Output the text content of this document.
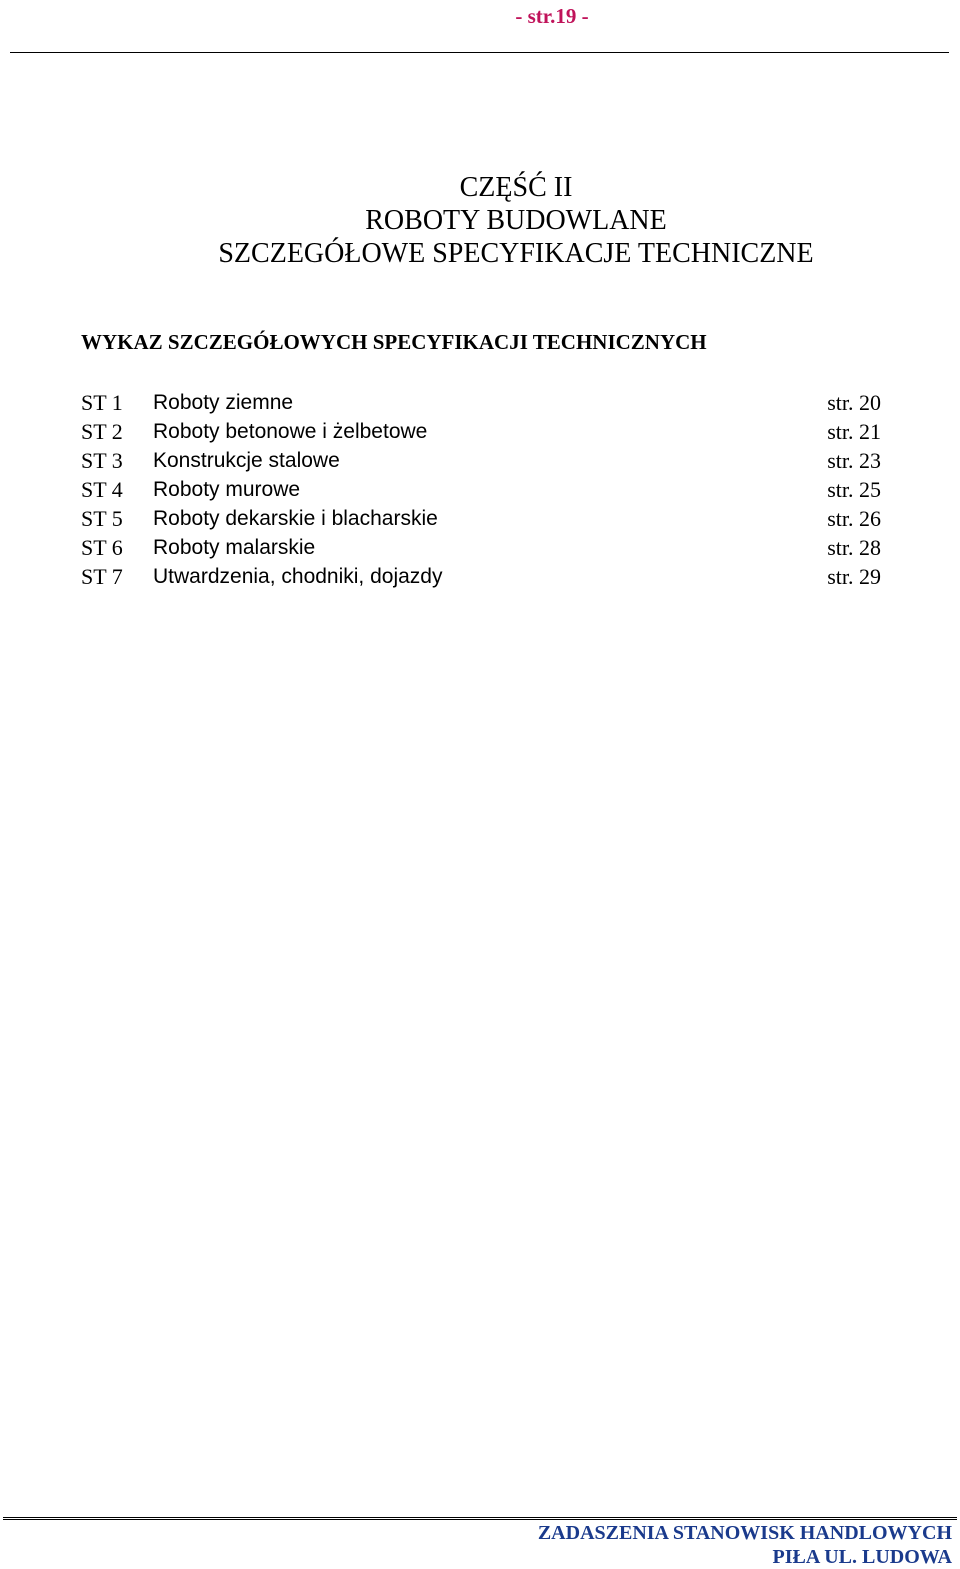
- str.19 -
CZĘŚĆ II
ROBOTY BUDOWLANE
SZCZEGÓŁOWE SPECYFIKACJE TECHNICZNE
WYKAZ SZCZEGÓŁOWYCH SPECYFIKACJI TECHNICZNYCH
ST 1 Roboty ziemne	str. 20
ST 2 Roboty betonowe i żelbetowe	str. 21
ST 3 Konstrukcje stalowe	str. 23
ST 4 Roboty murowe	str. 25
ST 5 Roboty dekarskie i blacharskie	str. 26
ST 6 Roboty malarskie	str. 28
ST 7 Utwardzenia, chodniki, dojazdy	str. 29
ZADASZENIA STANOWISK HANDLOWYCH
PIŁA UL. LUDOWA
